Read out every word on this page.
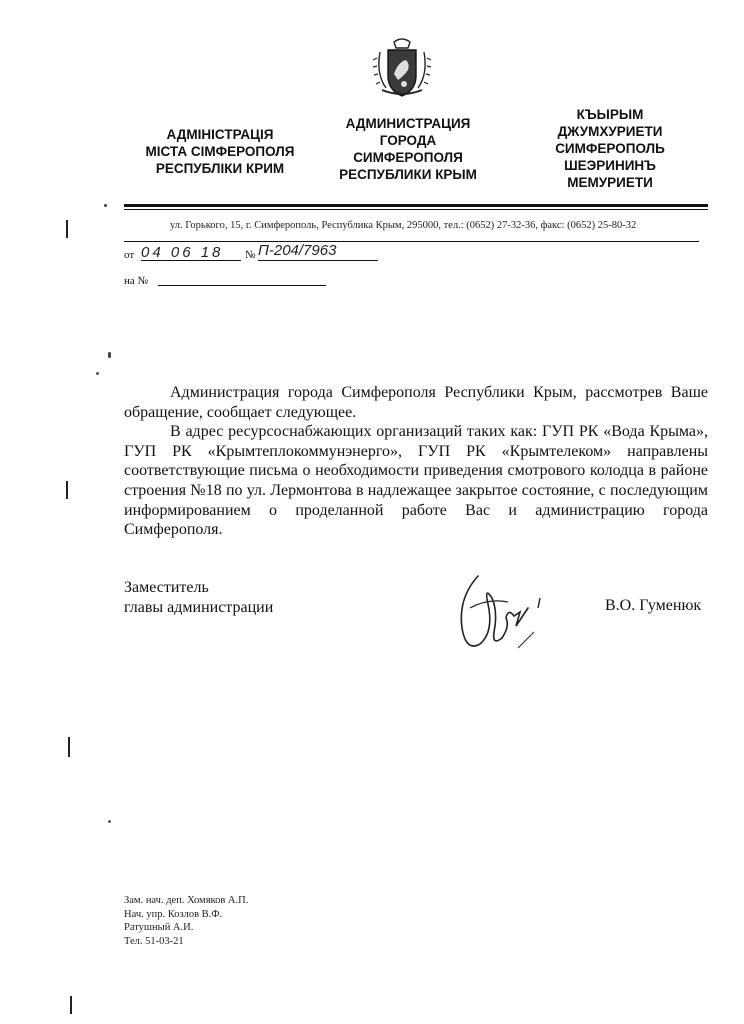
АДМІНІСТРАЦІЯ
МІСТА СІМФЕРОПОЛЯ
РЕСПУБЛІКИ КРИМ
АДМИНИСТРАЦИЯ
ГОРОДА
СИМФЕРОПОЛЯ
РЕСПУБЛИКИ КРЫМ
КЪЫРЫМ
ДЖУМХУРИЕТИ
СИМФЕРОПОЛЬ
ШЕЭРИНИНЪ
МЕМУРИЕТИ
ул. Горького, 15, г. Симферополь, Республика Крым, 295000, тел.: (0652) 27-32-36, факс: (0652) 25-80-32
от 04 06 18	№ П-204/7963
на №

Администрация города Симферополя Республики Крым, рассмотрев Ваше обращение, сообщает следующее.

В адрес ресурсоснабжающих организаций таких как: ГУП РК «Вода Крыма», ГУП РК «Крымтеплокоммунэнерго», ГУП РК «Крымтелеком» направлены соответствующие письма о необходимости приведения смотрового колодца в районе строения №18 по ул. Лермонтова в надлежащее закрытое состояние, с последующим информированием о проделанной работе Вас и администрацию города Симферополя.

Заместитель
главы администрации	В.О. Гуменюк
Зам. нач. деп. Хомяков А.П.
Нач. упр. Козлов В.Ф.
Ратушный А.И.
Тел. 51-03-21
